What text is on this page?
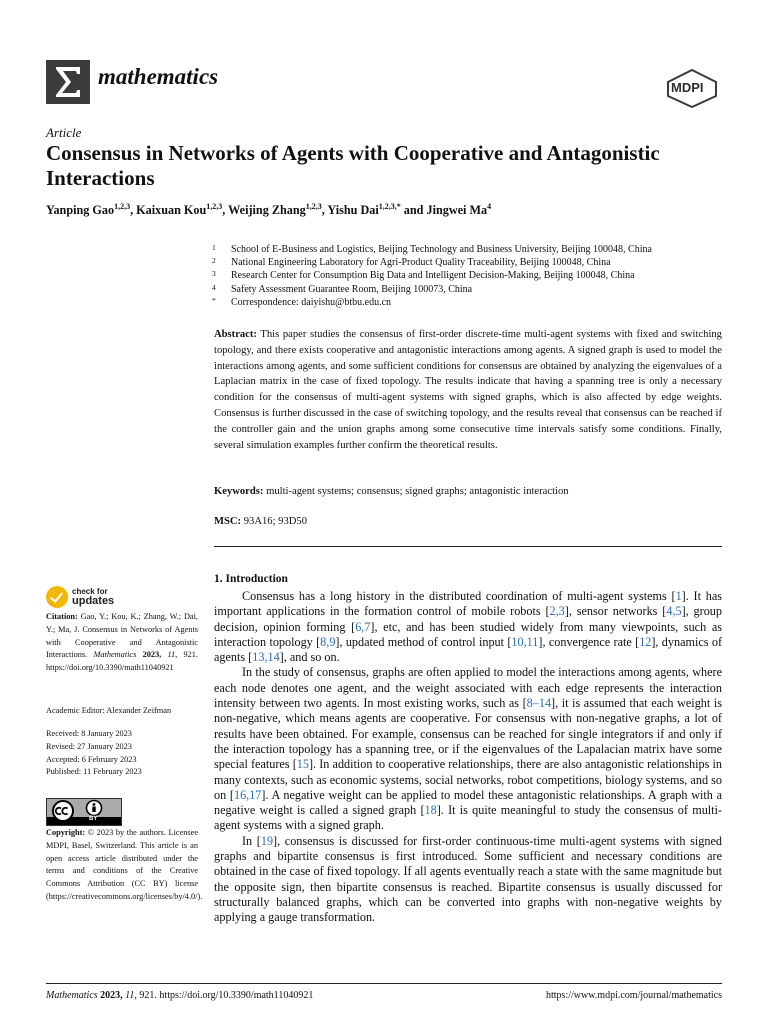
mathematics	MDPI
Article
Consensus in Networks of Agents with Cooperative and Antagonistic Interactions
Yanping Gao$^{1,2,3}$, Kaixuan Kou$^{1,2,3}$, Weijing Zhang$^{1,2,3}$, Yishu Dai$^{1,2,3,*}$ and Jingwei Ma$^4$
1 School of E-Business and Logistics, Beijing Technology and Business University, Beijing 100048, China
2 National Engineering Laboratory for Agri-Product Quality Traceability, Beijing 100048, China
3 Research Center for Consumption Big Data and Intelligent Decision-Making, Beijing 100048, China
4 Safety Assessment Guarantee Room, Beijing 100073, China
* Correspondence: daiyishu@btbu.edu.cn
Abstract: This paper studies the consensus of first-order discrete-time multi-agent systems with fixed and switching topology, and there exists cooperative and antagonistic interactions among agents. A signed graph is used to model the interactions among agents, and some sufficient conditions for consensus are obtained by analyzing the eigenvalues of a Laplacian matrix in the case of fixed topology. The results indicate that having a spanning tree is only a necessary condition for the consensus of multi-agent systems with signed graphs, which is also affected by edge weights. Consensus is further discussed in the case of switching topology, and the results reveal that consensus can be reached if the controller gain and the union graphs among some consecutive time intervals satisfy some conditions. Finally, several simulation examples further confirm the theoretical results.
Keywords: multi-agent systems; consensus; signed graphs; antagonistic interaction
MSC: 93A16; 93D50
1. Introduction

Consensus has a long history in the distributed coordination of multi-agent systems [1]. It has important applications in the formation control of mobile robots [2,3], sensor networks [4,5], group decision, opinion forming [6,7], etc, and has been studied widely from many viewpoints, such as interaction topology [8,9], updated method of control input [10,11], convergence rate [12], dynamics of agents [13,14], and so on.

In the study of consensus, graphs are often applied to model the interactions among agents, where each node denotes one agent, and the weight associated with each edge represents the interaction intensity between two agents. In most existing works, such as [8–14], it is assumed that each weight is non-negative, which means agents are cooperative. For consensus with non-negative graphs, a lot of results have been obtained. For example, consensus can be reached for single integrators if and only if the interaction topology has a spanning tree, or if the eigenvalues of the Lapalacian matrix have some special features [15]. In addition to cooperative relationships, there are also antagonistic relationships in many contexts, such as economic systems, social networks, robot competitions, biology systems, and so on [16,17]. A negative weight can be applied to model these antagonistic relationships. A graph with a negative weight is called a signed graph [18]. It is quite meaningful to study the consensus of multi-agent systems with a signed graph.

In [19], consensus is discussed for first-order continuous-time multi-agent systems with signed graphs and bipartite consensus is first introduced. Some sufficient and necessary conditions are obtained in the case of fixed topology. If all agents eventually reach a state with the same magnitude but the opposite sign, then bipartite consensus is reached. Bipartite consensus is usually discussed for structurally balanced graphs, which can be converted into graphs with non-negative weights by applying a gauge transformation.

check for
updates
Citation: Gao, Y.; Kou, K.; Zhang, W.; Dai, Y.; Ma, J. Consensus in Networks of Agents with Cooperative and Antagonistic Interactions. Mathematics 2023, 11, 921. https://doi.org/10.3390/math11040921
Academic Editor: Alexander Zeifman
Received: 8 January 2023
Revised: 27 January 2023
Accepted: 6 February 2023
Published: 11 February 2023
BY
Copyright: © 2023 by the authors. Licensee MDPI, Basel, Switzerland. This article is an open access article distributed under the terms and conditions of the Creative Commons Attribution (CC BY) license (https://creativecommons.org/licenses/by/4.0/).
Mathematics 2023, 11, 921. https://doi.org/10.3390/math11040921	https://www.mdpi.com/journal/mathematics
